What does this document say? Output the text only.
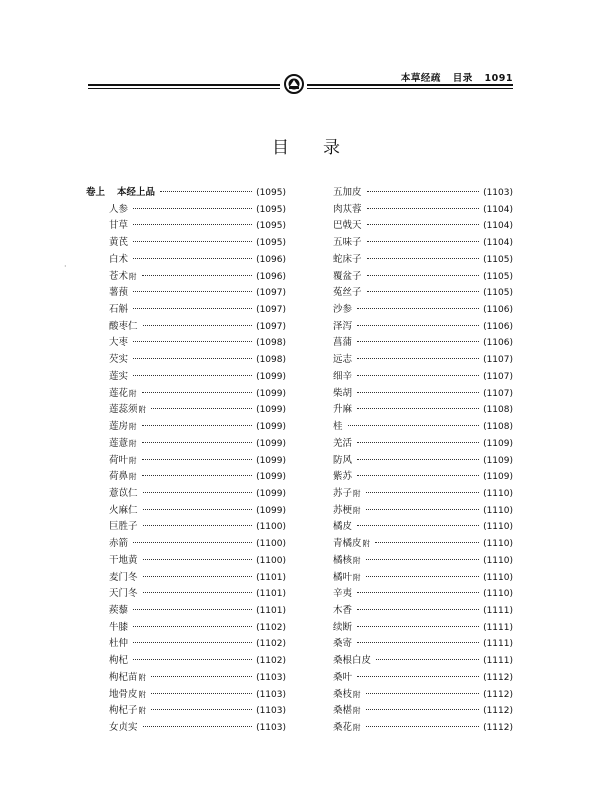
本草经疏 目录 1091
目录
·
卷上 本经上品	(1095)
人参	(1095)
甘草	(1095)
黄芪	(1095)
白术	(1096)
苍术附	(1096)
薯蓣	(1097)
石斛	(1097)
酸枣仁	(1097)
大枣	(1098)
芡实	(1098)
莲实	(1099)
莲花附	(1099)
莲蕊须附	(1099)
莲房附	(1099)
莲薏附	(1099)
荷叶附	(1099)
荷鼻附	(1099)
薏苡仁	(1099)
火麻仁	(1099)
巨胜子	(1100)
赤箭	(1100)
干地黄	(1100)
麦门冬	(1101)
天门冬	(1101)
蒺藜	(1101)
牛膝	(1102)
杜仲	(1102)
枸杞	(1102)
枸杞苗附	(1103)
地骨皮附	(1103)
枸杞子附	(1103)
女贞实	(1103)
五加皮	(1103)
肉苁蓉	(1104)
巴戟天	(1104)
五味子	(1104)
蛇床子	(1105)
覆盆子	(1105)
菟丝子	(1105)
沙参	(1106)
泽泻	(1106)
菖蒲	(1106)
远志	(1107)
细辛	(1107)
柴胡	(1107)
升麻	(1108)
桂	(1108)
羌活	(1109)
防风	(1109)
紫苏	(1109)
苏子附	(1110)
苏梗附	(1110)
橘皮	(1110)
青橘皮附	(1110)
橘核附	(1110)
橘叶附	(1110)
辛夷	(1110)
木香	(1111)
续断	(1111)
桑寄	(1111)
桑根白皮	(1111)
桑叶	(1112)
桑枝附	(1112)
桑椹附	(1112)
桑花附	(1112)
